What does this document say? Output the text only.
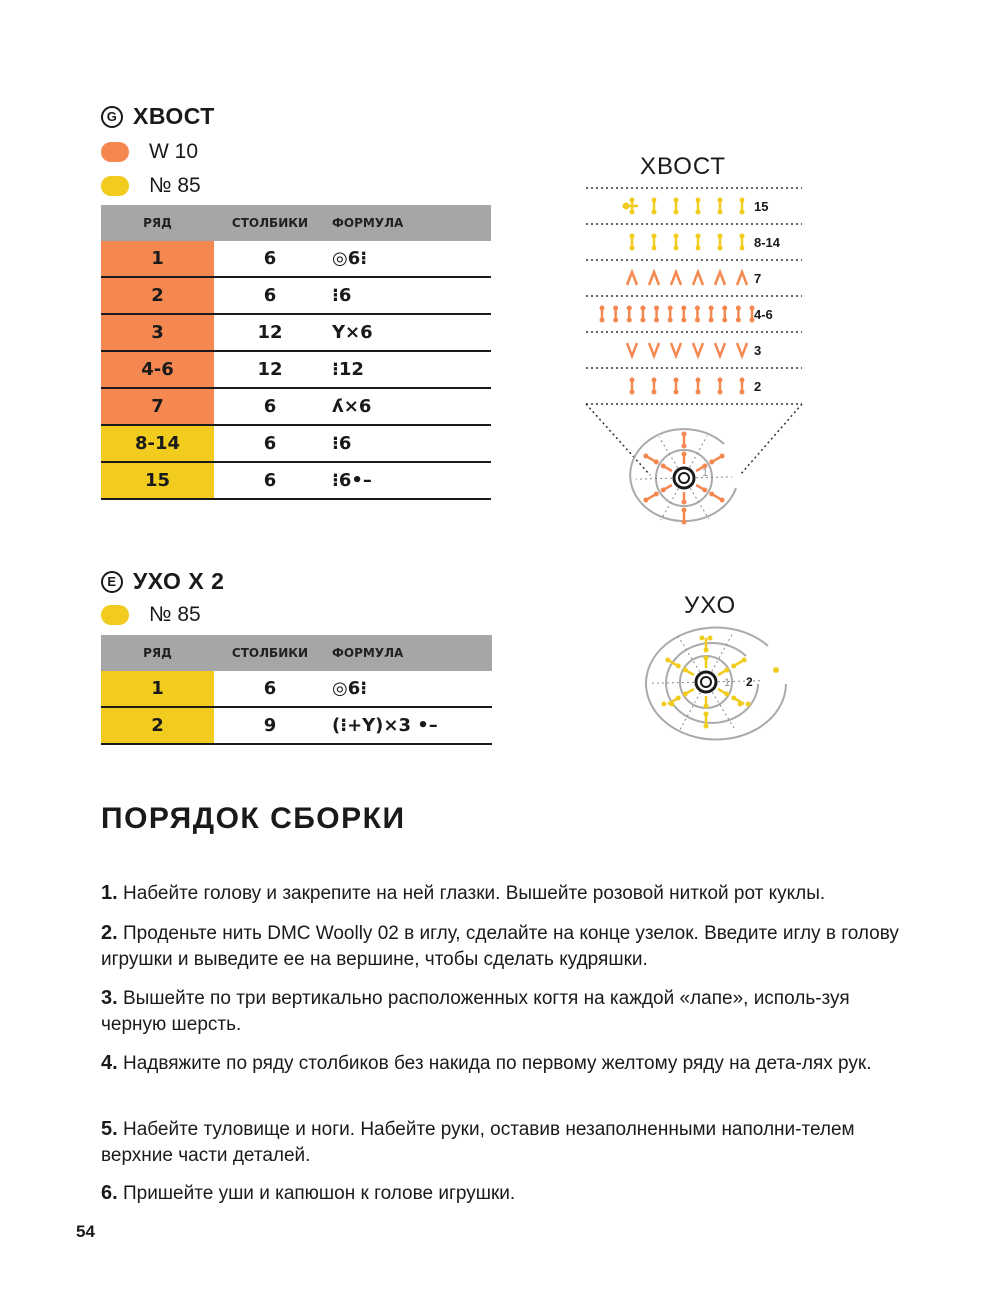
G ХВОСТ
W 10
№ 85
РЯД	СТОЛБИКИ	ФОРМУЛА
1	6	◎6⁝
2	6	⁝6
3	12	Y×6
4-6	12	⁝12
7	6	ʎ×6
8-14	6	⁝6
15	6	⁝6•–
ХВОСТ
15
8-14
7
4-6
3
2
1
E УХО Х 2
№ 85
РЯД	СТОЛБИКИ	ФОРМУЛА
1	6	◎6⁝
2	9	(⁝+Y)×3 •–
УХО
1 2
ПОРЯДОК СБОРКИ
1. Набейте голову и закрепите на ней глазки. Вышейте розовой ниткой рот куклы.
2. Проденьте нить DMC Woolly 02 в иглу, сделайте на конце узелок. Введите иглу в голову игрушки и выведите ее на вершине, чтобы сделать кудряшки.
3. Вышейте по три вертикально расположенных когтя на каждой «лапе», исполь-зуя черную шерсть.
4. Надвяжите по ряду столбиков без накида по первому желтому ряду на дета-лях рук.
5. Набейте туловище и ноги. Набейте руки, оставив незаполненными наполни-телем верхние части деталей.
6. Пришейте уши и капюшон к голове игрушки.
54
